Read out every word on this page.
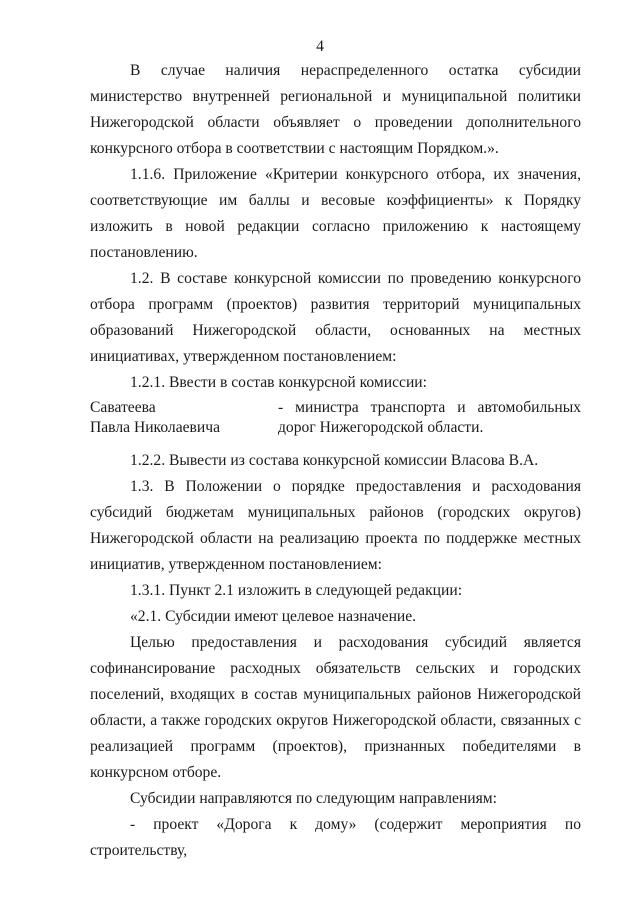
4

В случае наличия нераспределенного остатка субсидии министерство внутренней региональной и муниципальной политики Нижегородской области объявляет о проведении дополнительного конкурсного отбора в соответствии с настоящим Порядком.».

1.1.6. Приложение «Критерии конкурсного отбора, их значения, соответствующие им баллы и весовые коэффициенты» к Порядку изложить в новой редакции согласно приложению к настоящему постановлению.

1.2. В составе конкурсной комиссии по проведению конкурсного отбора программ (проектов) развития территорий муниципальных образований Нижегородской области, основанных на местных инициативах, утвержденном постановлением:

1.2.1. Ввести в состав конкурсной комиссии:

Саватеева
Павла Николаевича
- министра транспорта и автомобильных
дорог Нижегородской области.

1.2.2. Вывести из состава конкурсной комиссии Власова В.А.

1.3. В Положении о порядке предоставления и расходования субсидий бюджетам муниципальных районов (городских округов) Нижегородской области на реализацию проекта по поддержке местных инициатив, утвержденном постановлением:

1.3.1. Пункт 2.1 изложить в следующей редакции:

«2.1. Субсидии имеют целевое назначение.

Целью предоставления и расходования субсидий является софинансирование расходных обязательств сельских и городских поселений, входящих в состав муниципальных районов Нижегородской области, а также городских округов Нижегородской области, связанных с реализацией программ (проектов), признанных победителями в конкурсном отборе.

Субсидии направляются по следующим направлениям:

- проект «Дорога к дому» (содержит мероприятия по строительству,
